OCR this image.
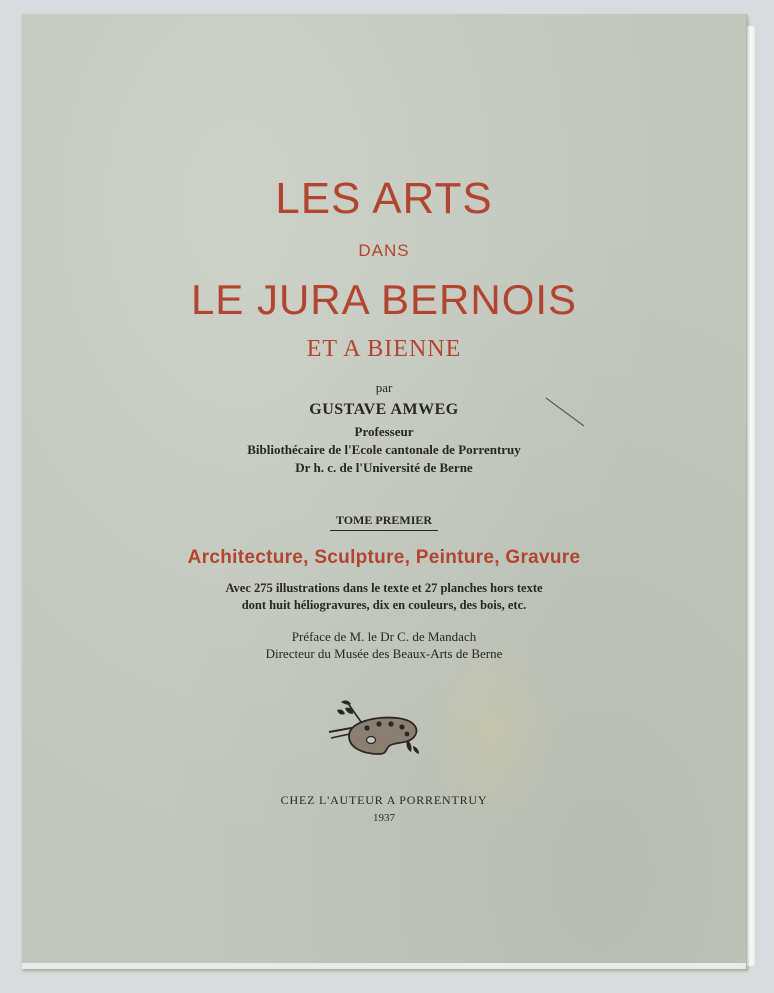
LES ARTS
DANS
LE JURA BERNOIS
ET A BIENNE
par
GUSTAVE AMWEG
Professeur
Bibliothécaire de l'Ecole cantonale de Porrentruy
Dr h. c. de l'Université de Berne
TOME PREMIER
Architecture, Sculpture, Peinture, Gravure
Avec 275 illustrations dans le texte et 27 planches hors texte
dont huit héliogravures, dix en couleurs, des bois, etc.
Préface de M. le Dr C. de Mandach
Directeur du Musée des Beaux-Arts de Berne
CHEZ L'AUTEUR A PORRENTRUY
1937
